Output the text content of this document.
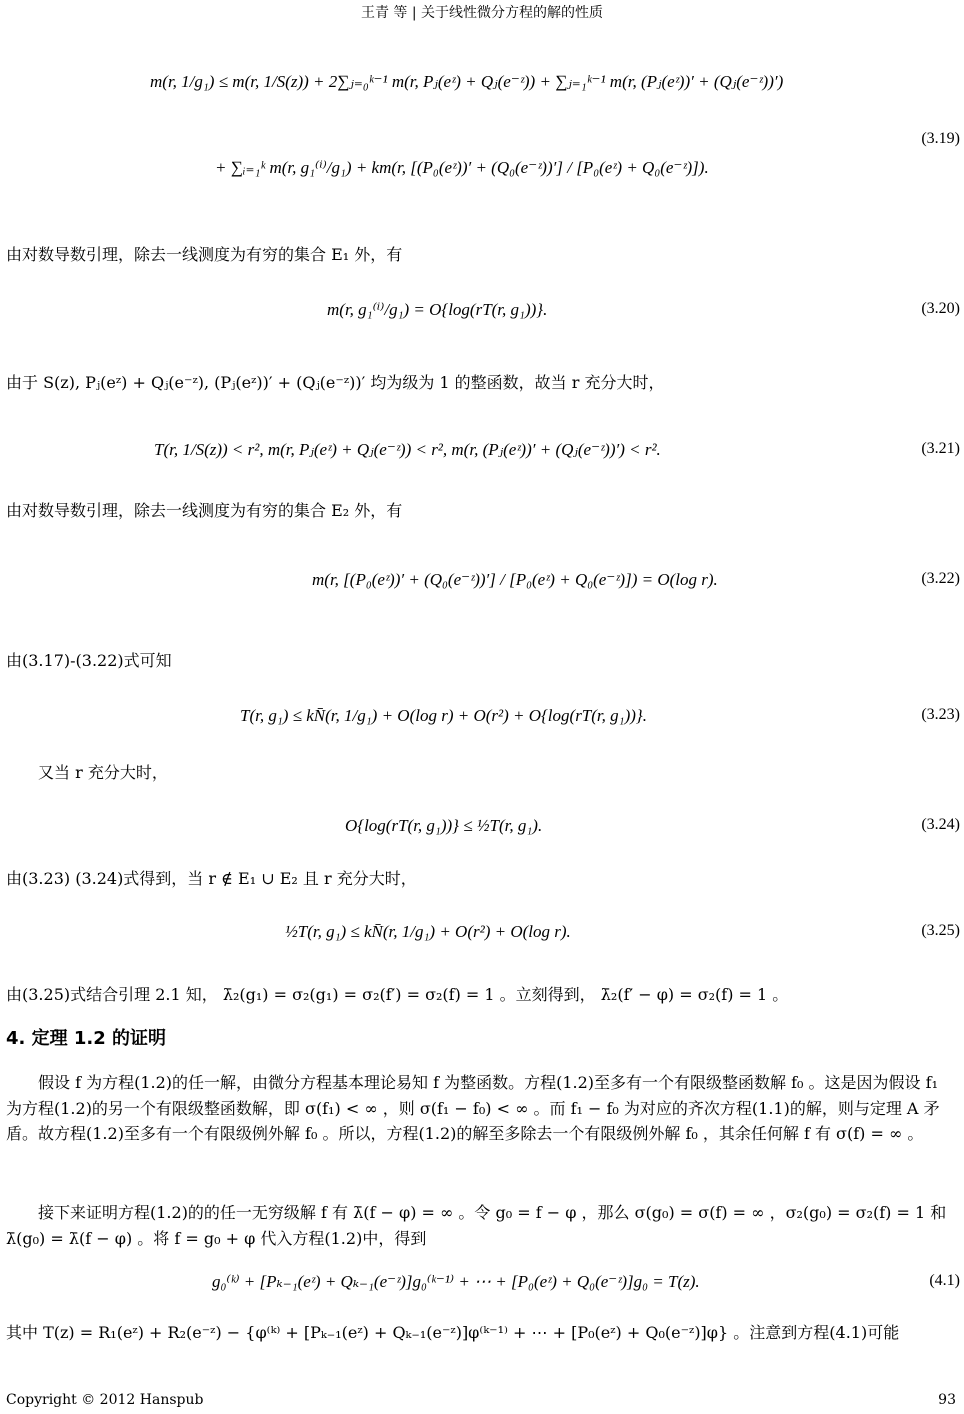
王青 等 | 关于线性微分方程的解的性质
m(r, 1/g₁) ≤ m(r, 1/S(z)) + 2∑ⱼ₌₀ᵏ⁻¹ m(r, Pⱼ(eᶻ) + Qⱼ(e⁻ᶻ)) + ∑ⱼ₌₁ᵏ⁻¹ m(r, (Pⱼ(eᶻ))′ + (Qⱼ(e⁻ᶻ))′)
+ ∑ᵢ₌₁ᵏ m(r, g₁⁽ⁱ⁾/g₁) + km(r, [(P₀(eᶻ))′ + (Q₀(e⁻ᶻ))′] / [P₀(eᶻ) + Q₀(e⁻ᶻ)]).
(3.19)
由对数导数引理，除去一线测度为有穷的集合 E₁ 外，有
m(r, g₁⁽ⁱ⁾/g₁) = O{log(rT(r, g₁))}.	(3.20)
由于 S(z), Pⱼ(eᶻ) + Qⱼ(e⁻ᶻ), (Pⱼ(eᶻ))′ + (Qⱼ(e⁻ᶻ))′ 均为级为 1 的整函数，故当 r 充分大时，
T(r, 1/S(z)) < r², m(r, Pⱼ(eᶻ) + Qⱼ(e⁻ᶻ)) < r², m(r, (Pⱼ(eᶻ))′ + (Qⱼ(e⁻ᶻ))′) < r².	(3.21)
由对数导数引理，除去一线测度为有穷的集合 E₂ 外，有
m(r, [(P₀(eᶻ))′ + (Q₀(e⁻ᶻ))′] / [P₀(eᶻ) + Q₀(e⁻ᶻ)]) = O(log r).	(3.22)
由(3.17)-(3.22)式可知
T(r, g₁) ≤ kN̄(r, 1/g₁) + O(log r) + O(r²) + O{log(rT(r, g₁))}.	(3.23)
又当 r 充分大时，
O{log(rT(r, g₁))} ≤ ½T(r, g₁).	(3.24)
由(3.23) (3.24)式得到，当 r ∉ E₁ ∪ E₂ 且 r 充分大时，
½T(r, g₁) ≤ kN̄(r, 1/g₁) + O(r²) + O(log r).	(3.25)
由(3.25)式结合引理 2.1 知， λ̄₂(g₁) = σ₂(g₁) = σ₂(f′) = σ₂(f) = 1 。立刻得到， λ̄₂(f′ − φ) = σ₂(f) = 1 。
4. 定理 1.2 的证明
假设 f 为方程(1.2)的任一解，由微分方程基本理论易知 f 为整函数。方程(1.2)至多有一个有限级整函数解 f₀ 。这是因为假设 f₁ 为方程(1.2)的另一个有限级整函数解，即 σ(f₁) < ∞ ，则 σ(f₁ − f₀) < ∞ 。而 f₁ − f₀ 为对应的齐次方程(1.1)的解，则与定理 A 矛盾。故方程(1.2)至多有一个有限级例外解 f₀ 。所以，方程(1.2)的解至多除去一个有限级例外解 f₀ ，其余任何解 f 有 σ(f) = ∞ 。
接下来证明方程(1.2)的的任一无穷级解 f 有 λ̄(f − φ) = ∞ 。令 g₀ = f − φ ，那么 σ(g₀) = σ(f) = ∞ ，σ₂(g₀) = σ₂(f) = 1 和 λ̄(g₀) = λ̄(f − φ) 。将 f = g₀ + φ 代入方程(1.2)中，得到
g₀⁽ᵏ⁾ + [Pₖ₋₁(eᶻ) + Qₖ₋₁(e⁻ᶻ)]g₀⁽ᵏ⁻¹⁾ + ⋯ + [P₀(eᶻ) + Q₀(e⁻ᶻ)]g₀ = T(z).	(4.1)
其中 T(z) = R₁(eᶻ) + R₂(e⁻ᶻ) − {φ⁽ᵏ⁾ + [Pₖ₋₁(eᶻ) + Qₖ₋₁(e⁻ᶻ)]φ⁽ᵏ⁻¹⁾ + ⋯ + [P₀(eᶻ) + Q₀(e⁻ᶻ)]φ} 。注意到方程(4.1)可能
Copyright © 2012 Hanspub	93
